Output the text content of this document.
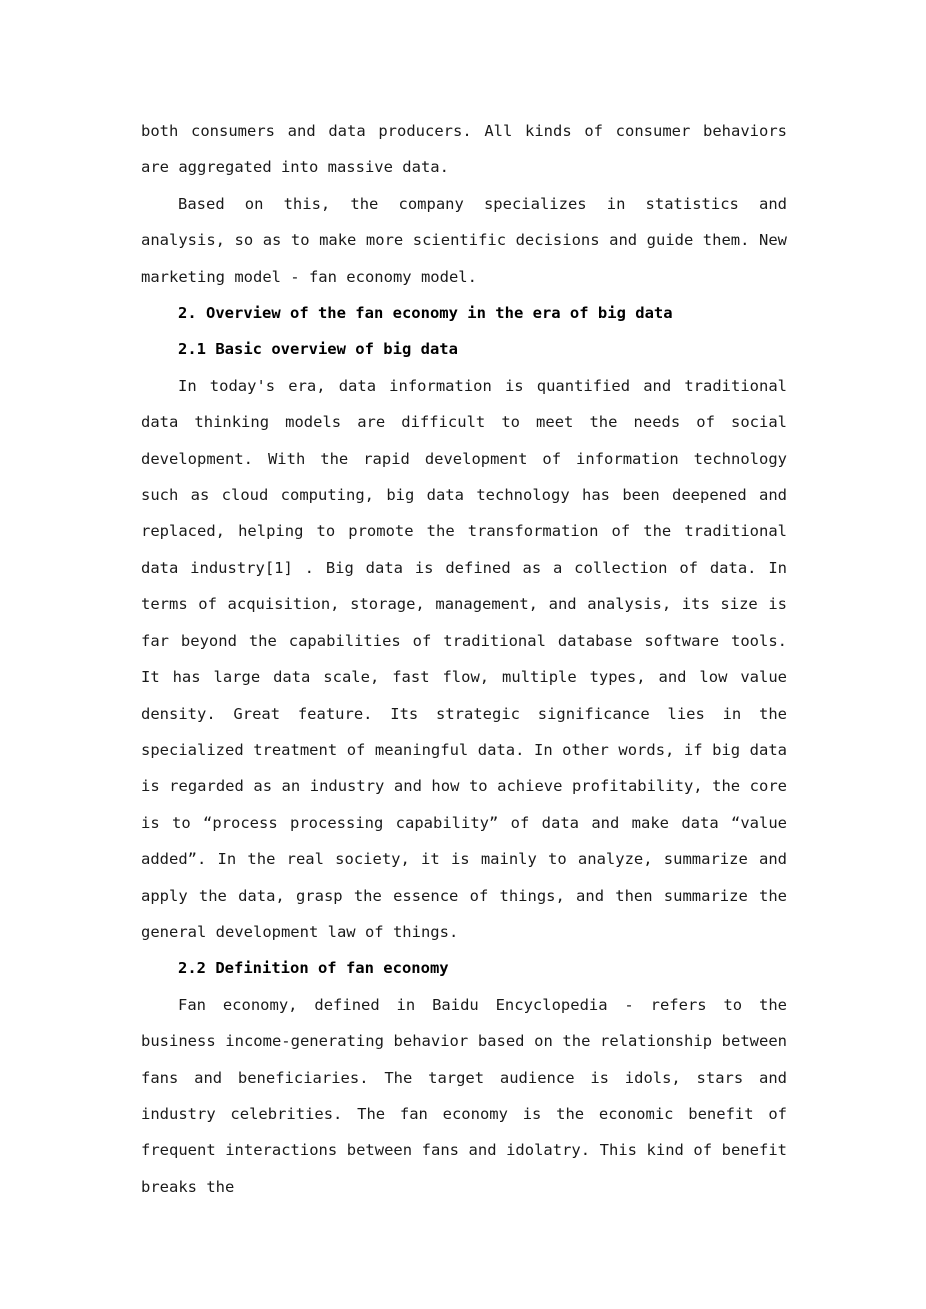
both consumers and data producers. All kinds of consumer behaviors are aggregated into massive data.

Based on this, the company specializes in statistics and analysis, so as to make more scientific decisions and guide them. New marketing model - fan economy model.

2. Overview of the fan economy in the era of big data

2.1 Basic overview of big data

In today's era, data information is quantified and traditional data thinking models are difficult to meet the needs of social development. With the rapid development of information technology such as cloud computing, big data technology has been deepened and replaced, helping to promote the transformation of the traditional data industry[1] . Big data is defined as a collection of data. In terms of acquisition, storage, management, and analysis, its size is far beyond the capabilities of traditional database software tools. It has large data scale, fast flow, multiple types, and low value density. Great feature. Its strategic significance lies in the specialized treatment of meaningful data. In other words, if big data is regarded as an industry and how to achieve profitability, the core is to “process processing capability” of data and make data “value added”. In the real society, it is mainly to analyze, summarize and apply the data, grasp the essence of things, and then summarize the general development law of things.

2.2 Definition of fan economy

Fan economy, defined in Baidu Encyclopedia - refers to the business income-generating behavior based on the relationship between fans and beneficiaries. The target audience is idols, stars and industry celebrities. The fan economy is the economic benefit of frequent interactions between fans and idolatry. This kind of benefit breaks the
